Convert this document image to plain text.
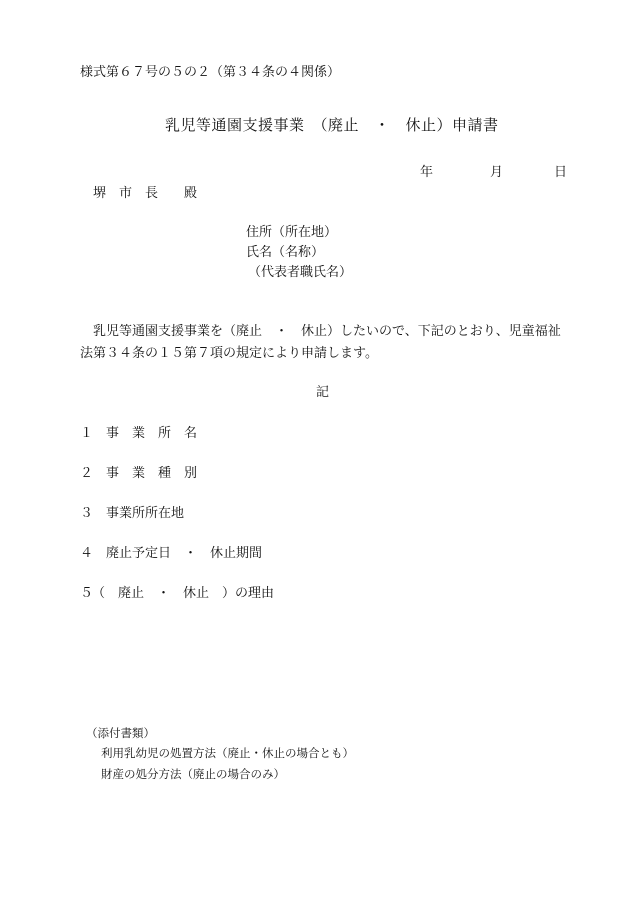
様式第６７号の５の２（第３４条の４関係）
乳児等通園支援事業　（廃止　・　休止）申請書
年	月	日
堺　市　長　　殿
住所（所在地）
氏名（名称）
（代表者職氏名）
乳児等通園支援事業を（廃止　・　休止）したいので、下記のとおり、児童福祉
法第３４条の１５第７項の規定により申請します。
記
１ 事　業　所　名
２ 事　業　種　別
３ 事業所所在地
４ 廃止予定日　・　休止期間
５
（　廃止　・　休止　）の理由
（添付書類）
利用乳幼児の処置方法（廃止・休止の場合とも）
財産の処分方法（廃止の場合のみ）
